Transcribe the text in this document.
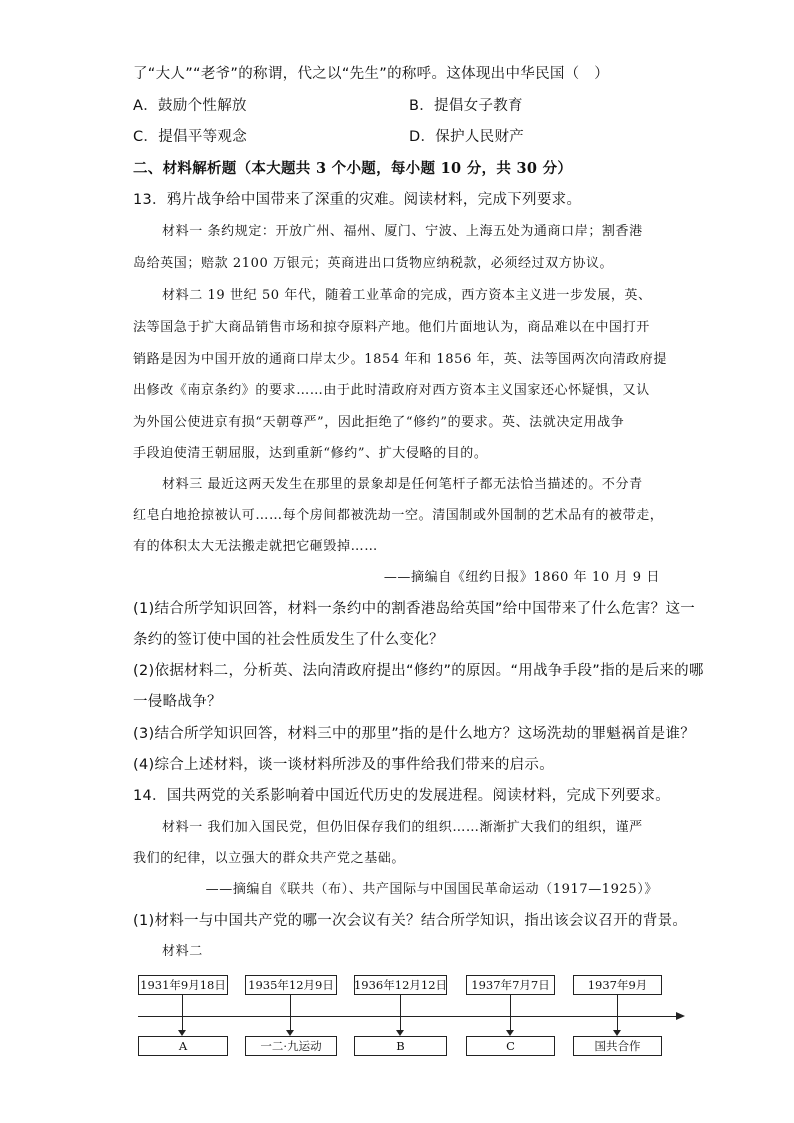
了“大人”“老爷”的称谓，代之以“先生”的称呼。这体现出中华民国（　）
A．鼓励个性解放	B．提倡女子教育
C．提倡平等观念	D．保护人民财产
二、材料解析题（本大题共 3 个小题，每小题 10 分，共 30 分）
13．鸦片战争给中国带来了深重的灾难。阅读材料，完成下列要求。
材料一 条约规定：开放广州、福州、厦门、宁波、上海五处为通商口岸；割香港
岛给英国；赔款 2100 万银元；英商进出口货物应纳税款，必须经过双方协议。
材料二 19 世纪 50 年代，随着工业革命的完成，西方资本主义进一步发展，英、
法等国急于扩大商品销售市场和掠夺原料产地。他们片面地认为，商品难以在中国打开
销路是因为中国开放的通商口岸太少。1854 年和 1856 年，英、法等国两次向清政府提
出修改《南京条约》的要求……由于此时清政府对西方资本主义国家还心怀疑惧，又认
为外国公使进京有损“天朝尊严”，因此拒绝了“修约”的要求。英、法就决定用战争
手段迫使清王朝屈服，达到重新“修约”、扩大侵略的目的。
材料三 最近这两天发生在那里的景象却是任何笔杆子都无法恰当描述的。不分青
红皂白地抢掠被认可……每个房间都被洗劫一空。清国制或外国制的艺术品有的被带走，
有的体积太大无法搬走就把它砸毁掉……
——摘编自《纽约日报》1860 年 10 月 9 日
(1)结合所学知识回答，材料一条约中的割香港岛给英国”给中国带来了什么危害？这一
条约的签订使中国的社会性质发生了什么变化？
(2)依据材料二，分析英、法向清政府提出“修约”的原因。“用战争手段”指的是后来的哪
一侵略战争？
(3)结合所学知识回答，材料三中的那里”指的是什么地方？这场洗劫的罪魁祸首是谁？
(4)综合上述材料，谈一谈材料所涉及的事件给我们带来的启示。
14．国共两党的关系影响着中国近代历史的发展进程。阅读材料，完成下列要求。
材料一 我们加入国民党，但仍旧保存我们的组织……渐渐扩大我们的组织，谨严
我们的纪律，以立强大的群众共产党之基础。
——摘编自《联共（布）、共产国际与中国国民革命运动（1917—1925）》
(1)材料一与中国共产党的哪一次会议有关？结合所学知识，指出该会议召开的背景。
材料二
1931年9月18日 1935年12月9日 1936年12月12日	1937年7月7日	1937年9月
A	一二·九运动	B	C	国共合作
